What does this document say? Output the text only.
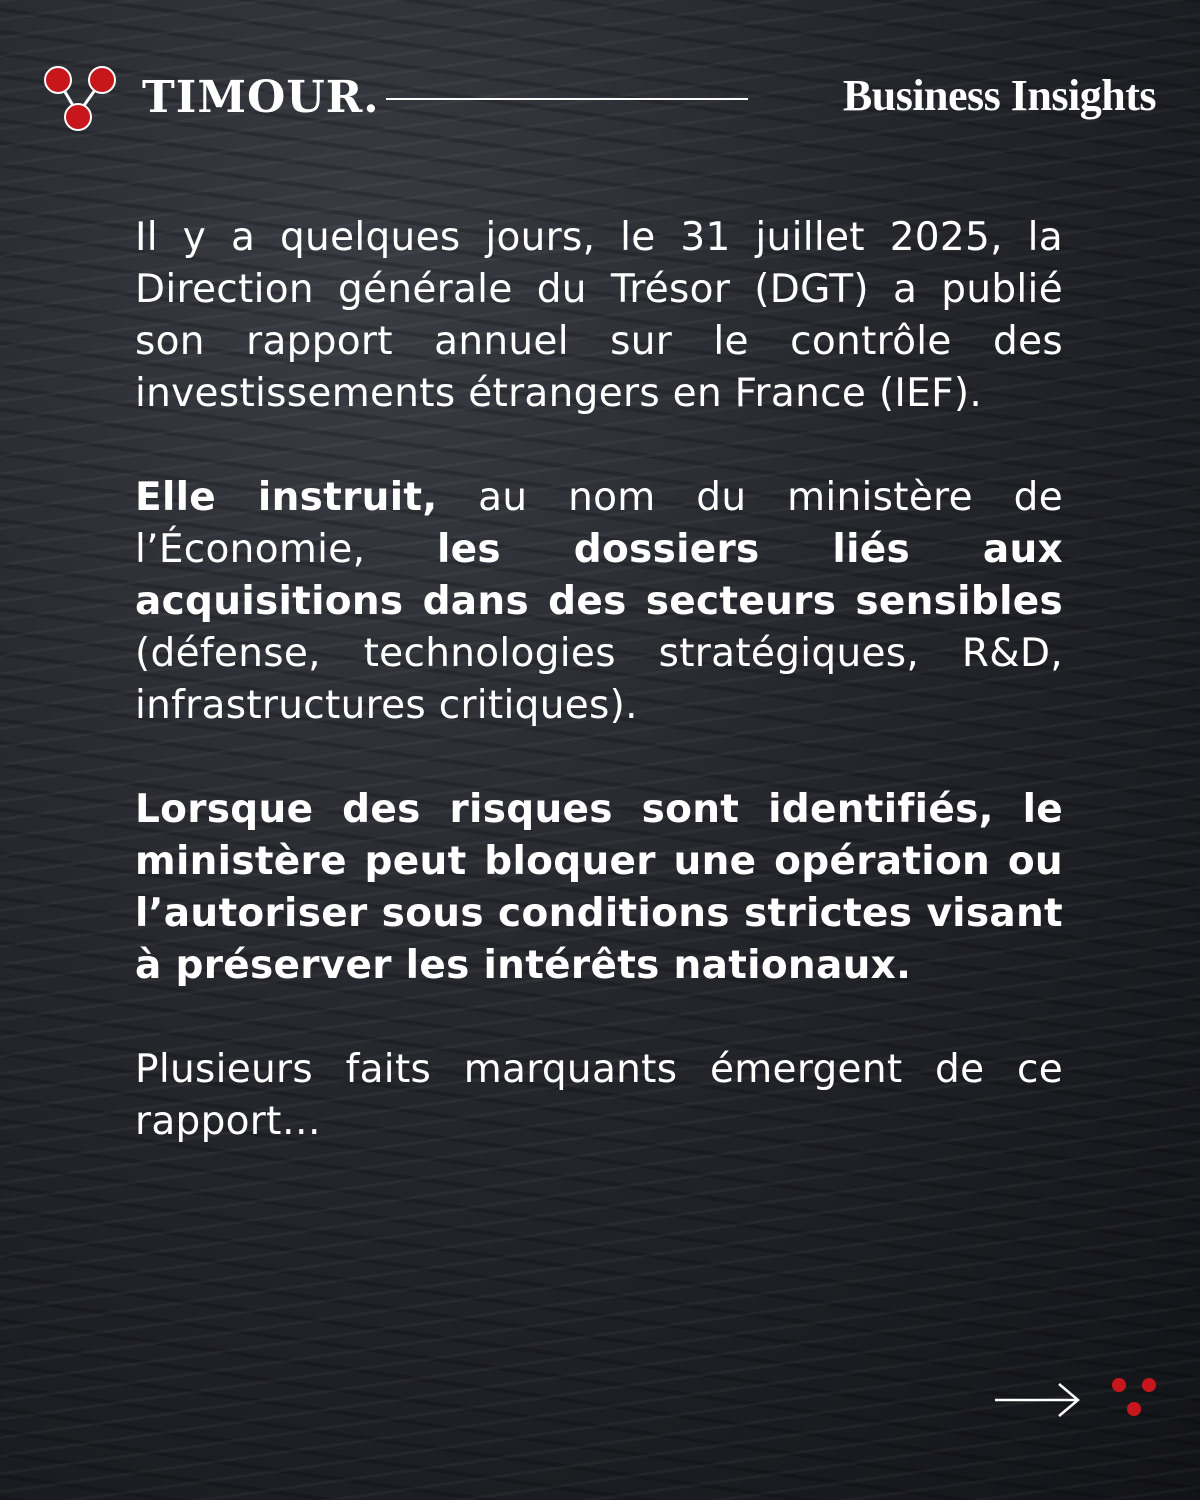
TIMOUR.	Business Insights

Il y a quelques jours, le 31 juillet 2025, la Direction générale du Trésor (DGT) a publié son rapport annuel sur le contrôle des investissements étrangers en France (IEF).

Elle instruit, au nom du ministère de l’Économie, les dossiers liés aux acquisitions dans des secteurs sensibles (défense, technologies stratégiques, R&D, infrastructures critiques).

Lorsque des risques sont identifiés, le ministère peut bloquer une opération ou l’autoriser sous conditions strictes visant à préserver les intérêts nationaux.

Plusieurs faits marquants émergent de ce rapport…
